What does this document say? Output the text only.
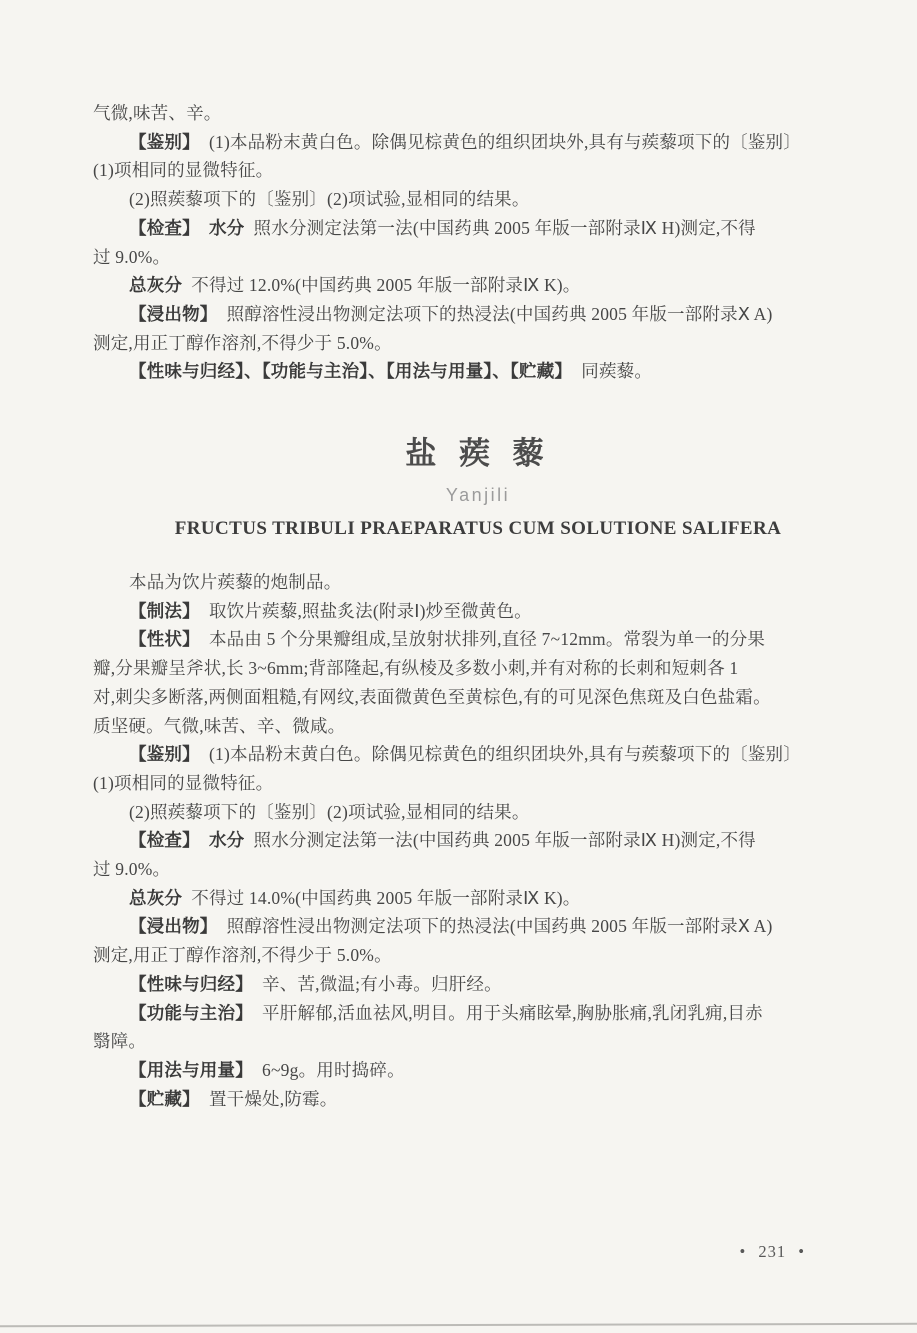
气微,味苦、辛。

【鉴别】  (1)本品粉末黄白色。除偶见棕黄色的组织团块外,具有与蒺藜项下的〔鉴别〕

(1)项相同的显微特征。

(2)照蒺藜项下的〔鉴别〕(2)项试验,显相同的结果。

【检查】 水分  照水分测定法第一法(中国药典 2005 年版一部附录Ⅸ H)测定,不得

过 9.0%。

总灰分  不得过 12.0%(中国药典 2005 年版一部附录Ⅸ K)。

【浸出物】  照醇溶性浸出物测定法项下的热浸法(中国药典 2005 年版一部附录Ⅹ A)

测定,用正丁醇作溶剂,不得少于 5.0%。

【性味与归经】、【功能与主治】、【用法与用量】、【贮藏】  同蒺藜。

盐 蒺 藜
Yanjili
FRUCTUS TRIBULI PRAEPARATUS CUM SOLUTIONE SALIFERA

本品为饮片蒺藜的炮制品。

【制法】  取饮片蒺藜,照盐炙法(附录Ⅰ)炒至微黄色。

【性状】  本品由 5 个分果瓣组成,呈放射状排列,直径 7~12mm。常裂为单一的分果

瓣,分果瓣呈斧状,长 3~6mm;背部隆起,有纵棱及多数小刺,并有对称的长刺和短刺各 1

对,刺尖多断落,两侧面粗糙,有网纹,表面微黄色至黄棕色,有的可见深色焦斑及白色盐霜。

质坚硬。气微,味苦、辛、微咸。

【鉴别】  (1)本品粉末黄白色。除偶见棕黄色的组织团块外,具有与蒺藜项下的〔鉴别〕

(1)项相同的显微特征。

(2)照蒺藜项下的〔鉴别〕(2)项试验,显相同的结果。

【检查】 水分  照水分测定法第一法(中国药典 2005 年版一部附录Ⅸ H)测定,不得

过 9.0%。

总灰分  不得过 14.0%(中国药典 2005 年版一部附录Ⅸ K)。

【浸出物】  照醇溶性浸出物测定法项下的热浸法(中国药典 2005 年版一部附录Ⅹ A)

测定,用正丁醇作溶剂,不得少于 5.0%。

【性味与归经】  辛、苦,微温;有小毒。归肝经。

【功能与主治】  平肝解郁,活血祛风,明目。用于头痛眩晕,胸胁胀痛,乳闭乳痈,目赤

翳障。

【用法与用量】  6~9g。用时捣碎。

【贮藏】  置干燥处,防霉。

• 231 •
